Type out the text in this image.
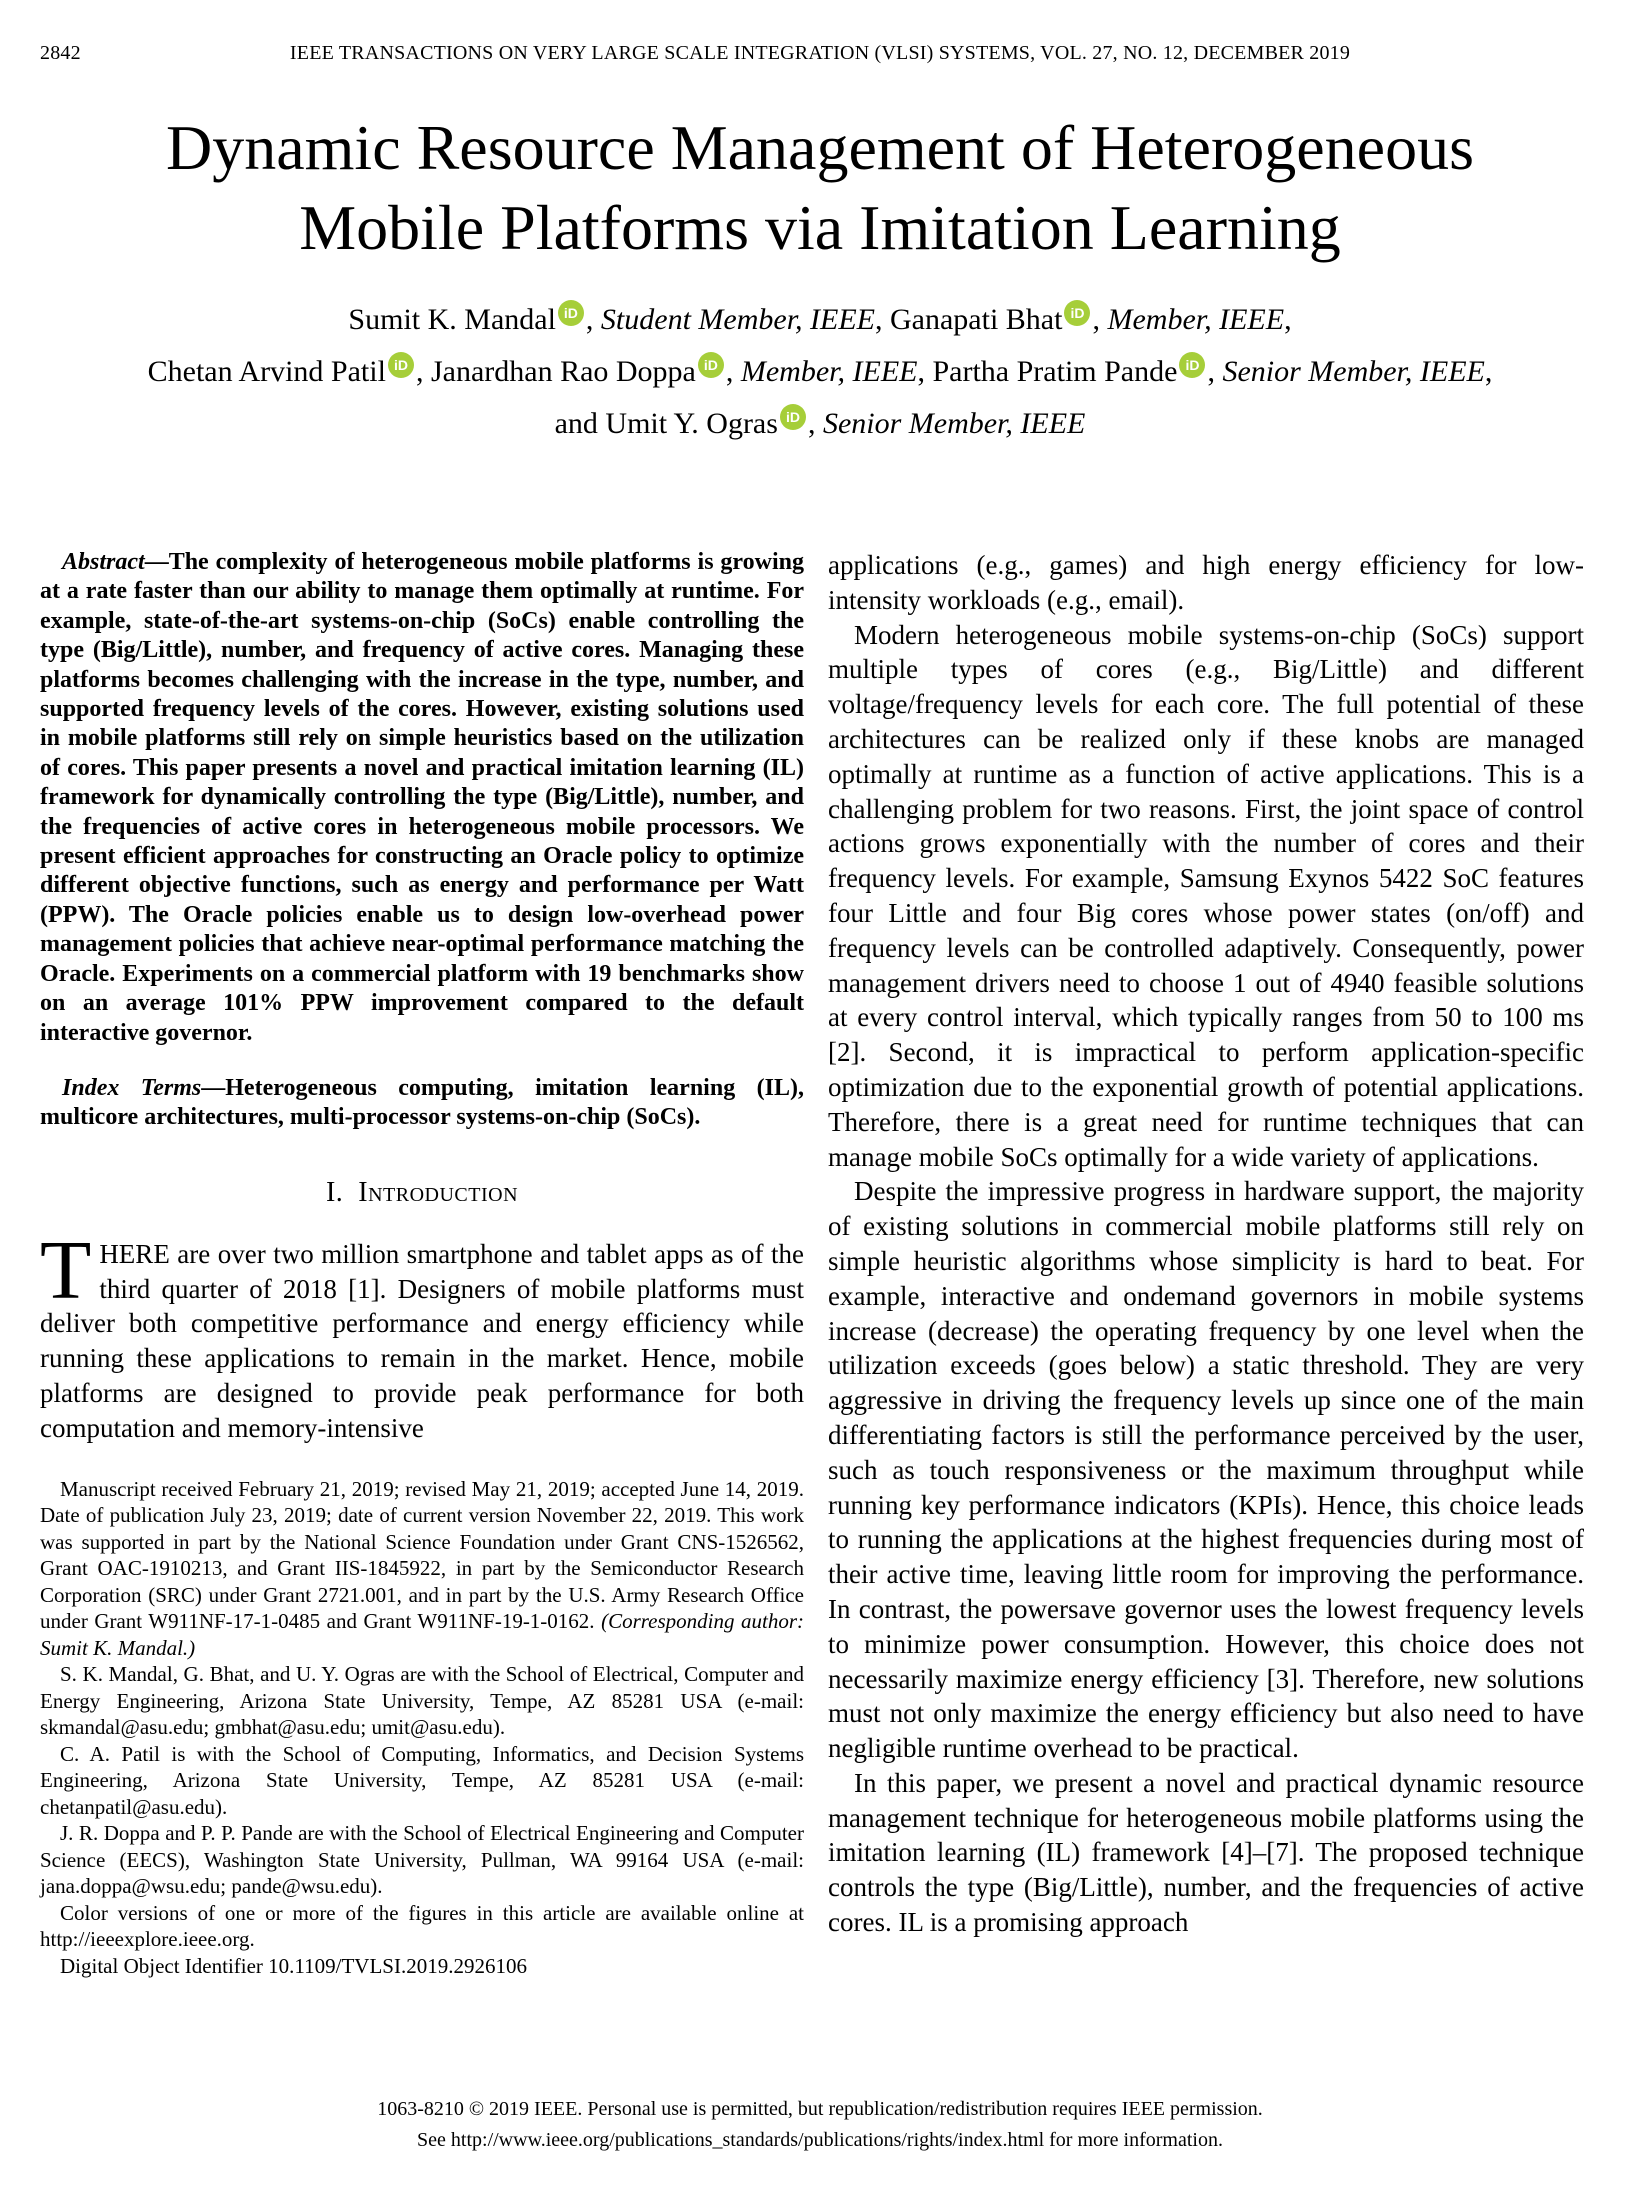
2842	IEEE TRANSACTIONS ON VERY LARGE SCALE INTEGRATION (VLSI) SYSTEMS, VOL. 27, NO. 12, DECEMBER 2019
Dynamic Resource Management of Heterogeneous
Mobile Platforms via Imitation Learning
Sumit K. Mandal iD , Student Member, IEEE, Ganapati Bhat iD , Member, IEEE,
Chetan Arvind Patil iD , Janardhan Rao Doppa iD , Member, IEEE, Partha Pratim Pande iD , Senior Member, IEEE,
and Umit Y. Ogras iD , Senior Member, IEEE

Abstract—The complexity of heterogeneous mobile platforms is growing at a rate faster than our ability to manage them optimally at runtime. For example, state-of-the-art systems-on-chip (SoCs) enable controlling the type (Big/Little), number, and frequency of active cores. Managing these platforms becomes challenging with the increase in the type, number, and supported frequency levels of the cores. However, existing solutions used in mobile platforms still rely on simple heuristics based on the utilization of cores. This paper presents a novel and practical imitation learning (IL) framework for dynamically controlling the type (Big/Little), number, and the frequencies of active cores in heterogeneous mobile processors. We present efficient approaches for constructing an Oracle policy to optimize different objective functions, such as energy and performance per Watt (PPW). The Oracle policies enable us to design low-overhead power management policies that achieve near-optimal performance matching the Oracle. Experiments on a commercial platform with 19 benchmarks show on an average 101% PPW improvement compared to the default interactive governor.

Index Terms—Heterogeneous computing, imitation learning (IL), multicore architectures, multi-processor systems-on-chip (SoCs).

I.  Introduction

THERE are over two million smartphone and tablet apps as of the third quarter of 2018 [1]. Designers of mobile platforms must deliver both competitive performance and energy efficiency while running these applications to remain in the market. Hence, mobile platforms are designed to provide peak performance for both computation and memory-intensive

Manuscript received February 21, 2019; revised May 21, 2019; accepted June 14, 2019. Date of publication July 23, 2019; date of current version November 22, 2019. This work was supported in part by the National Science Foundation under Grant CNS-1526562, Grant OAC-1910213, and Grant IIS-1845922, in part by the Semiconductor Research Corporation (SRC) under Grant 2721.001, and in part by the U.S. Army Research Office under Grant W911NF-17-1-0485 and Grant W911NF-19-1-0162. (Corresponding author: Sumit K. Mandal.)

S. K. Mandal, G. Bhat, and U. Y. Ogras are with the School of Electrical, Computer and Energy Engineering, Arizona State University, Tempe, AZ 85281 USA (e-mail: skmandal@asu.edu; gmbhat@asu.edu; umit@asu.edu).

C. A. Patil is with the School of Computing, Informatics, and Decision Systems Engineering, Arizona State University, Tempe, AZ 85281 USA (e-mail: chetanpatil@asu.edu).

J. R. Doppa and P. P. Pande are with the School of Electrical Engineering and Computer Science (EECS), Washington State University, Pullman, WA 99164 USA (e-mail: jana.doppa@wsu.edu; pande@wsu.edu).

Color versions of one or more of the figures in this article are available online at http://ieeexplore.ieee.org.

Digital Object Identifier 10.1109/TVLSI.2019.2926106

applications (e.g., games) and high energy efficiency for low-intensity workloads (e.g., email).

Modern heterogeneous mobile systems-on-chip (SoCs) support multiple types of cores (e.g., Big/Little) and different voltage/frequency levels for each core. The full potential of these architectures can be realized only if these knobs are managed optimally at runtime as a function of active applications. This is a challenging problem for two reasons. First, the joint space of control actions grows exponentially with the number of cores and their frequency levels. For example, Samsung Exynos 5422 SoC features four Little and four Big cores whose power states (on/off) and frequency levels can be controlled adaptively. Consequently, power management drivers need to choose 1 out of 4940 feasible solutions at every control interval, which typically ranges from 50 to 100 ms [2]. Second, it is impractical to perform application-specific optimization due to the exponential growth of potential applications. Therefore, there is a great need for runtime techniques that can manage mobile SoCs optimally for a wide variety of applications.

Despite the impressive progress in hardware support, the majority of existing solutions in commercial mobile platforms still rely on simple heuristic algorithms whose simplicity is hard to beat. For example, interactive and ondemand governors in mobile systems increase (decrease) the operating frequency by one level when the utilization exceeds (goes below) a static threshold. They are very aggressive in driving the frequency levels up since one of the main differentiating factors is still the performance perceived by the user, such as touch responsiveness or the maximum throughput while running key performance indicators (KPIs). Hence, this choice leads to running the applications at the highest frequencies during most of their active time, leaving little room for improving the performance. In contrast, the powersave governor uses the lowest frequency levels to minimize power consumption. However, this choice does not necessarily maximize energy efficiency [3]. Therefore, new solutions must not only maximize the energy efficiency but also need to have negligible runtime overhead to be practical.

In this paper, we present a novel and practical dynamic resource management technique for heterogeneous mobile platforms using the imitation learning (IL) framework [4]–[7]. The proposed technique controls the type (Big/Little), number, and the frequencies of active cores. IL is a promising approach

1063-8210 © 2019 IEEE. Personal use is permitted, but republication/redistribution requires IEEE permission.
See http://www.ieee.org/publications_standards/publications/rights/index.html for more information.
